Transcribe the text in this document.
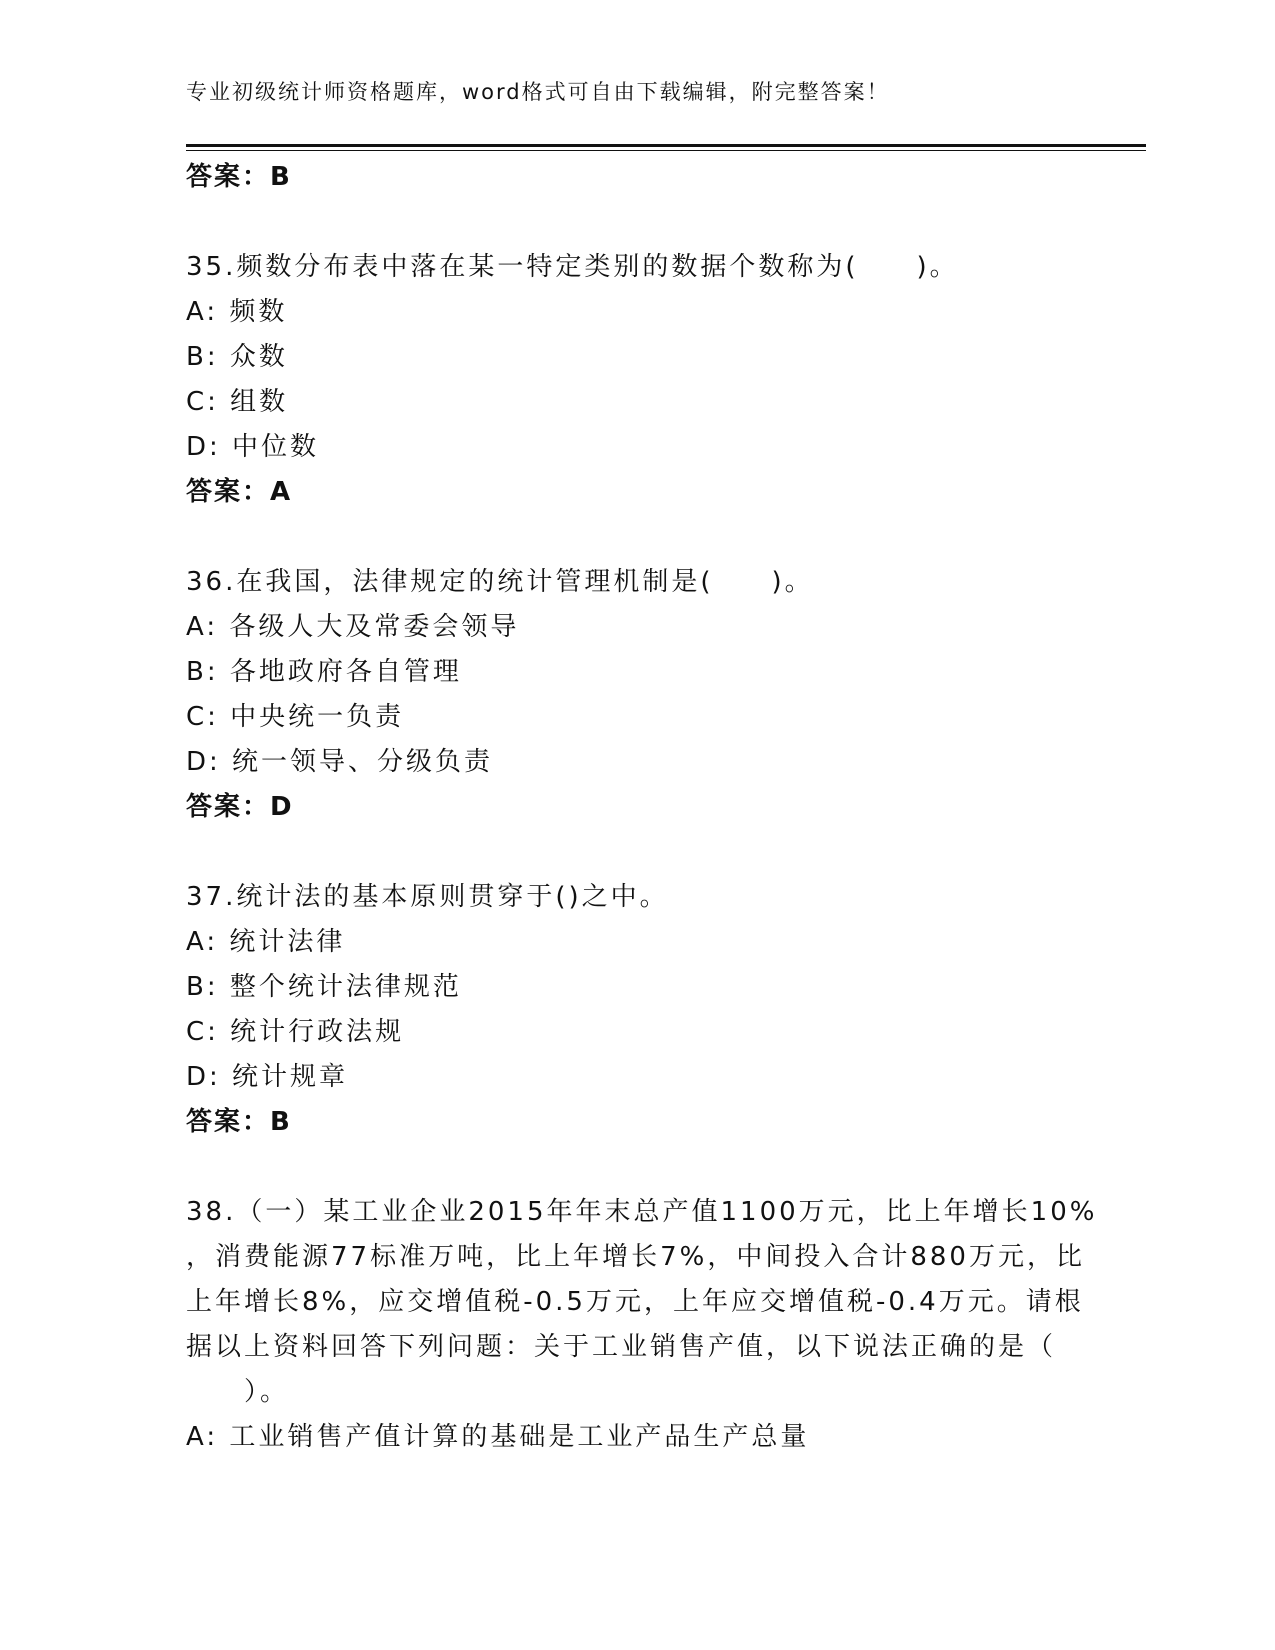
专业初级统计师资格题库，word格式可自由下载编辑，附完整答案！
答案：B
35.频数分布表中落在某一特定类别的数据个数称为(　　)。
A: 频数
B: 众数
C: 组数
D: 中位数
答案：A
36.在我国，法律规定的统计管理机制是(　　)。
A: 各级人大及常委会领导
B: 各地政府各自管理
C: 中央统一负责
D: 统一领导、分级负责
答案：D
37.统计法的基本原则贯穿于()之中。
A: 统计法律
B: 整个统计法律规范
C: 统计行政法规
D: 统计规章
答案：B
38.（一）某工业企业2015年年末总产值1100万元，比上年增长10%
，消费能源77标准万吨，比上年增长7%，中间投入合计880万元，比
上年增长8%，应交增值税-0.5万元，上年应交增值税-0.4万元。请根
据以上资料回答下列问题：关于工业销售产值，以下说法正确的是（
　　）。
A: 工业销售产值计算的基础是工业产品生产总量
